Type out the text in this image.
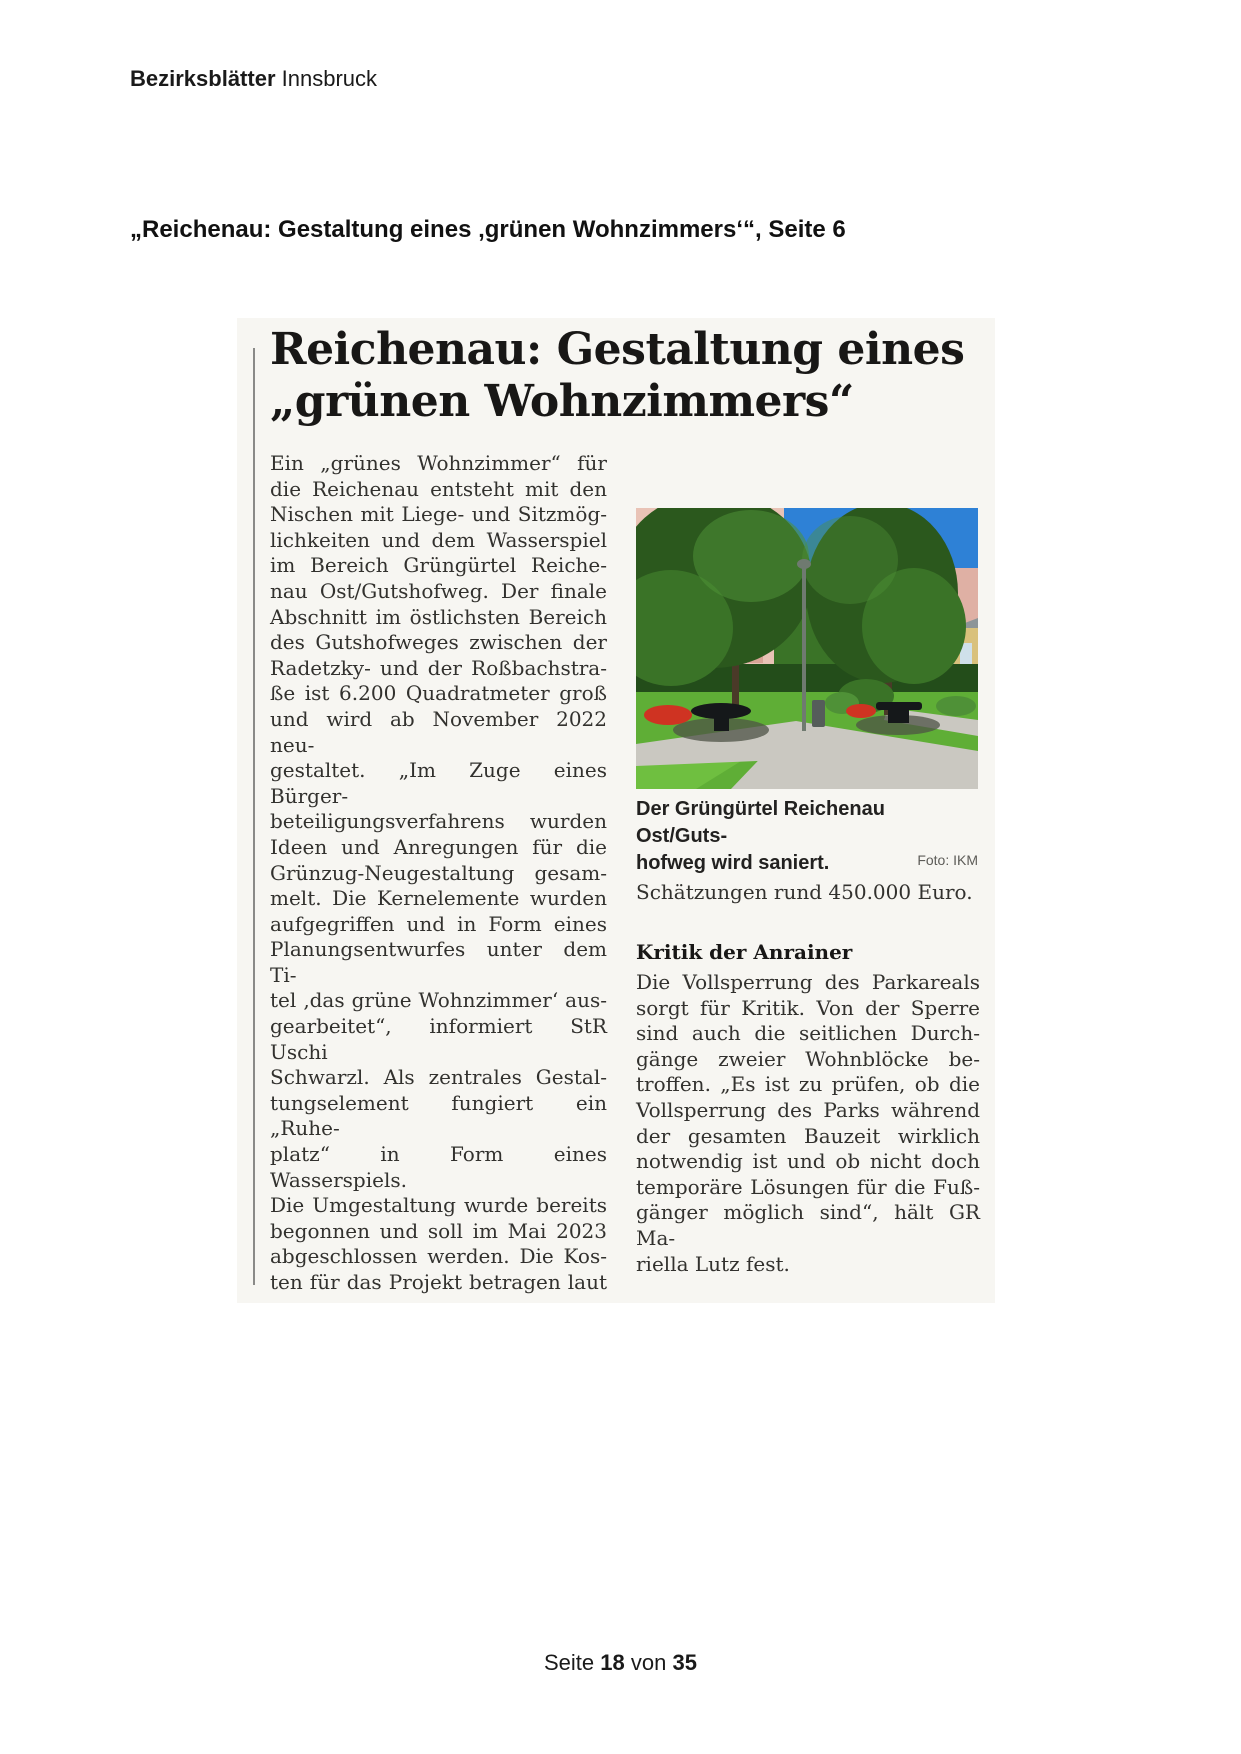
Bezirksblätter Innsbruck
„Reichenau: Gestaltung eines ‚grünen Wohnzimmers‘“, Seite 6
Reichenau: Gestaltung eines
„grünen Wohnzimmers“
Ein „grünes Wohnzimmer“ für
die Reichenau entsteht mit den
Nischen mit Liege- und Sitzmög-
lichkeiten und dem Wasserspiel
im Bereich Grüngürtel Reiche-
nau Ost/Gutshofweg. Der finale
Abschnitt im östlichsten Bereich
des Gutshofweges zwischen der
Radetzky- und der Roßbachstra-
ße ist 6.200 Quadratmeter groß
und wird ab November 2022 neu-
gestaltet. „Im Zuge eines Bürger-
beteiligungsverfahrens wurden
Ideen und Anregungen für die
Grünzug-Neugestaltung gesam-
melt. Die Kernelemente wurden
aufgegriffen und in Form eines
Planungsentwurfes unter dem Ti-
tel ‚das grüne Wohnzimmer‘ aus-
gearbeitet“, informiert StR Uschi
Schwarzl. Als zentrales Gestal-
tungselement fungiert ein „Ruhe-
platz“ in Form eines Wasserspiels.
Die Umgestaltung wurde bereits
begonnen und soll im Mai 2023
abgeschlossen werden. Die Kos-
ten für das Projekt betragen laut
Der Grüngürtel Reichenau Ost/Guts-
hofweg wird saniert.	Foto: IKM
Schätzungen rund 450.000 Euro.
Kritik der Anrainer
Die Vollsperrung des Parkareals
sorgt für Kritik. Von der Sperre
sind auch die seitlichen Durch-
gänge zweier Wohnblöcke be-
troffen. „Es ist zu prüfen, ob die
Vollsperrung des Parks während
der gesamten Bauzeit wirklich
notwendig ist und ob nicht doch
temporäre Lösungen für die Fuß-
gänger möglich sind“, hält GR Ma-
riella Lutz fest.
Seite 18 von 35
